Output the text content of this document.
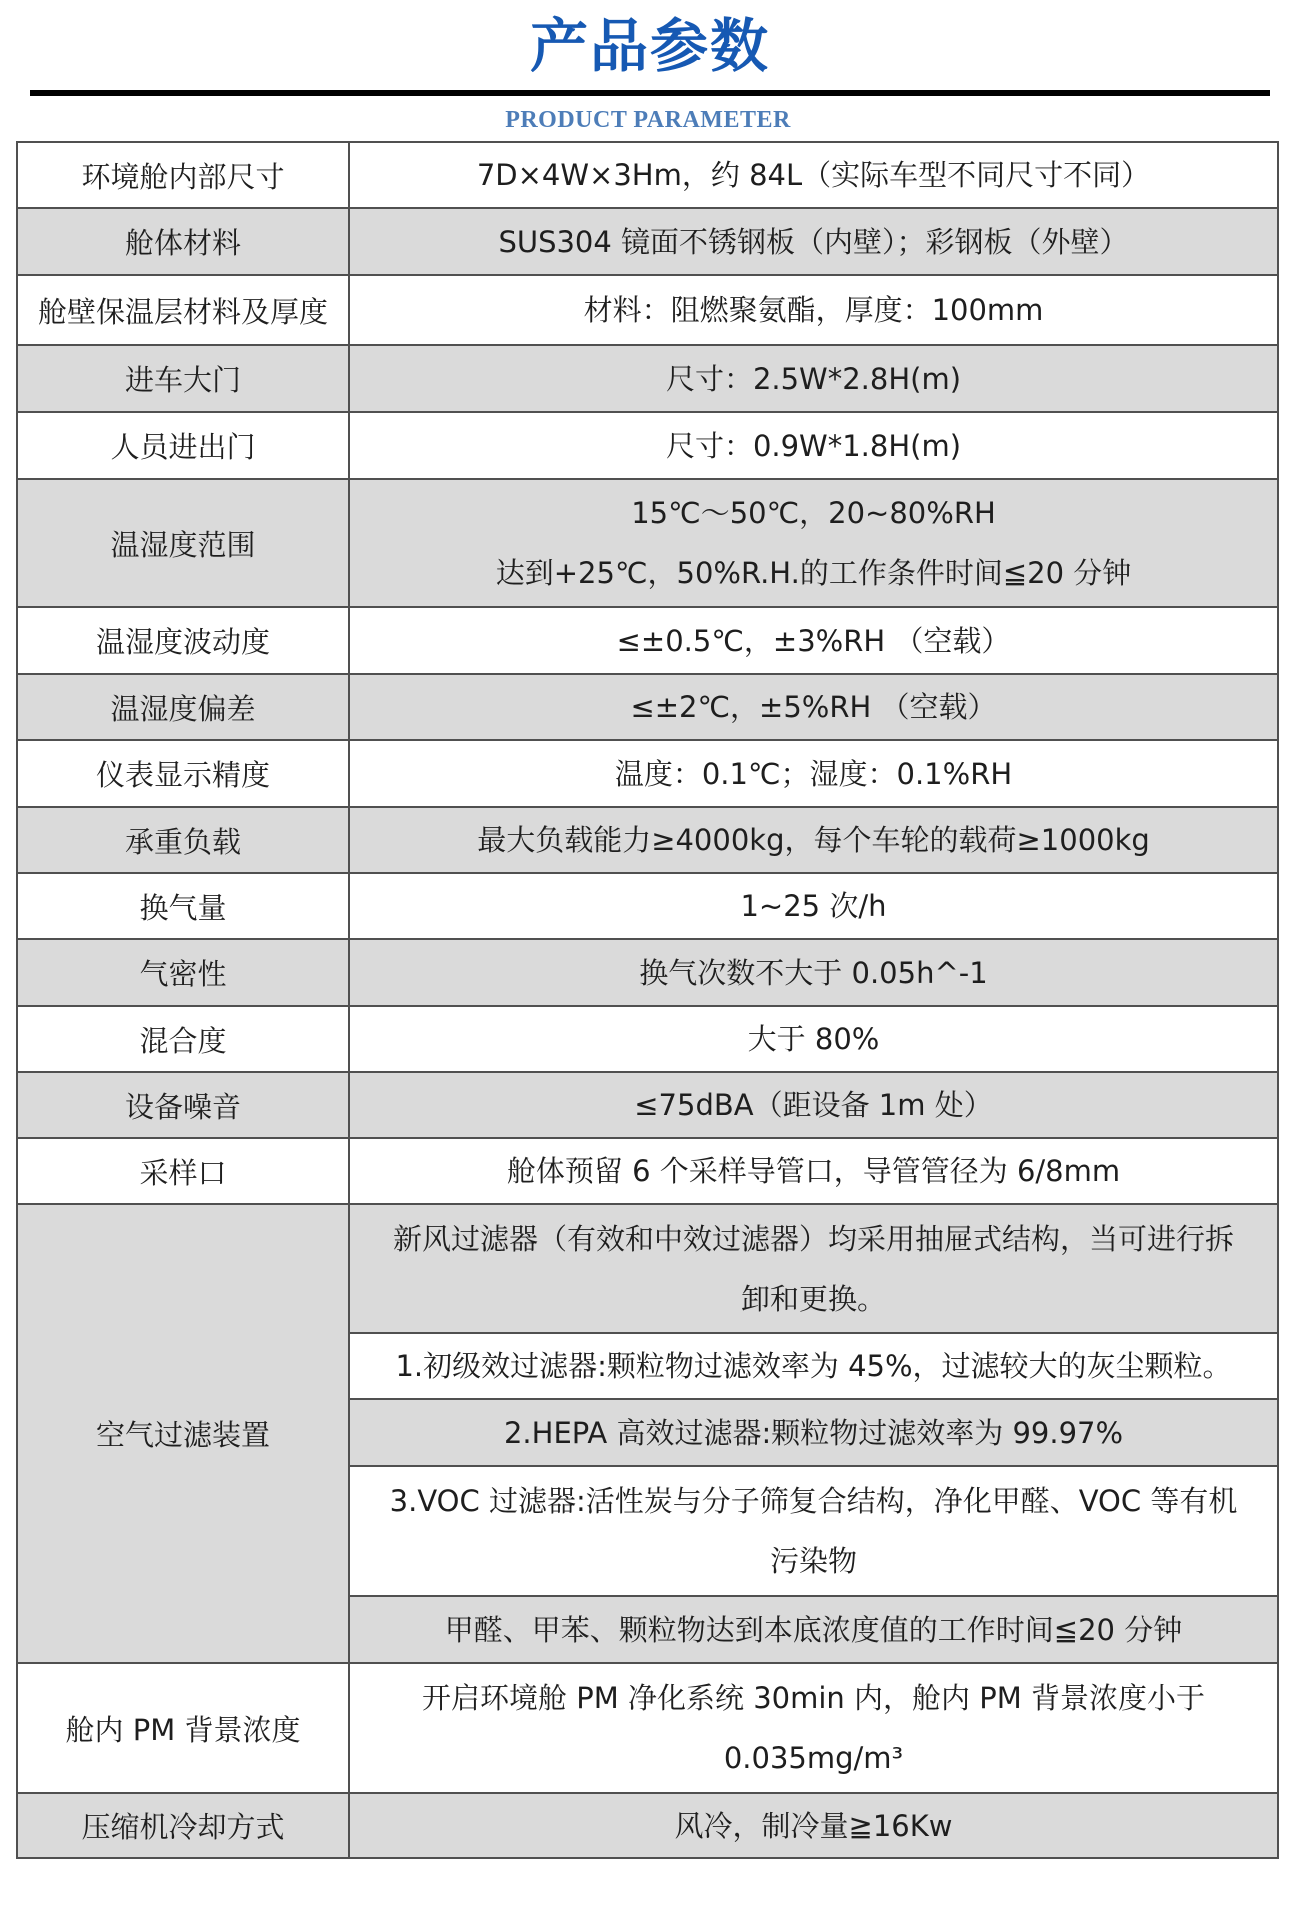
产品参数
PRODUCT PARAMETER
环境舱内部尺寸	7D×4W×3Hm，约 84L（实际车型不同尺寸不同）

舱体材料	SUS304 镜面不锈钢板（内壁）；彩钢板（外壁）

舱壁保温层材料及厚度	材料：阻燃聚氨酯，厚度：100mm

进车大门	尺寸：2.5W*2.8H(m)

人员进出门	尺寸：0.9W*1.8H(m)

温湿度范围	15℃～50℃，20~80%RH
达到+25℃，50%R.H.的工作条件时间≦20 分钟

温湿度波动度	≤±0.5℃，±3%RH （空载）

温湿度偏差	≤±2℃，±5%RH （空载）

仪表显示精度	温度：0.1℃；湿度：0.1%RH

承重负载	最大负载能力≥4000kg，每个车轮的载荷≥1000kg

换气量	1~25 次/h

气密性	换气次数不大于 0.05h^-1

混合度	大于 80%

设备噪音	≤75dBA（距设备 1m 处）

采样口	舱体预留 6 个采样导管口，导管管径为 6/8mm

空气过滤装置	新风过滤器（有效和中效过滤器）均采用抽屉式结构，当可进行拆
卸和更换。

	1.初级效过滤器:颗粒物过滤效率为 45%，过滤较大的灰尘颗粒。

	2.HEPA 高效过滤器:颗粒物过滤效率为 99.97%

	3.VOC 过滤器:活性炭与分子筛复合结构，净化甲醛、VOC 等有机
污染物

	甲醛、甲苯、颗粒物达到本底浓度值的工作时间≦20 分钟

舱内 PM 背景浓度	开启环境舱 PM 净化系统 30min 内，舱内 PM 背景浓度小于
0.035mg/m³

压缩机冷却方式	风冷，制冷量≧16Kw
